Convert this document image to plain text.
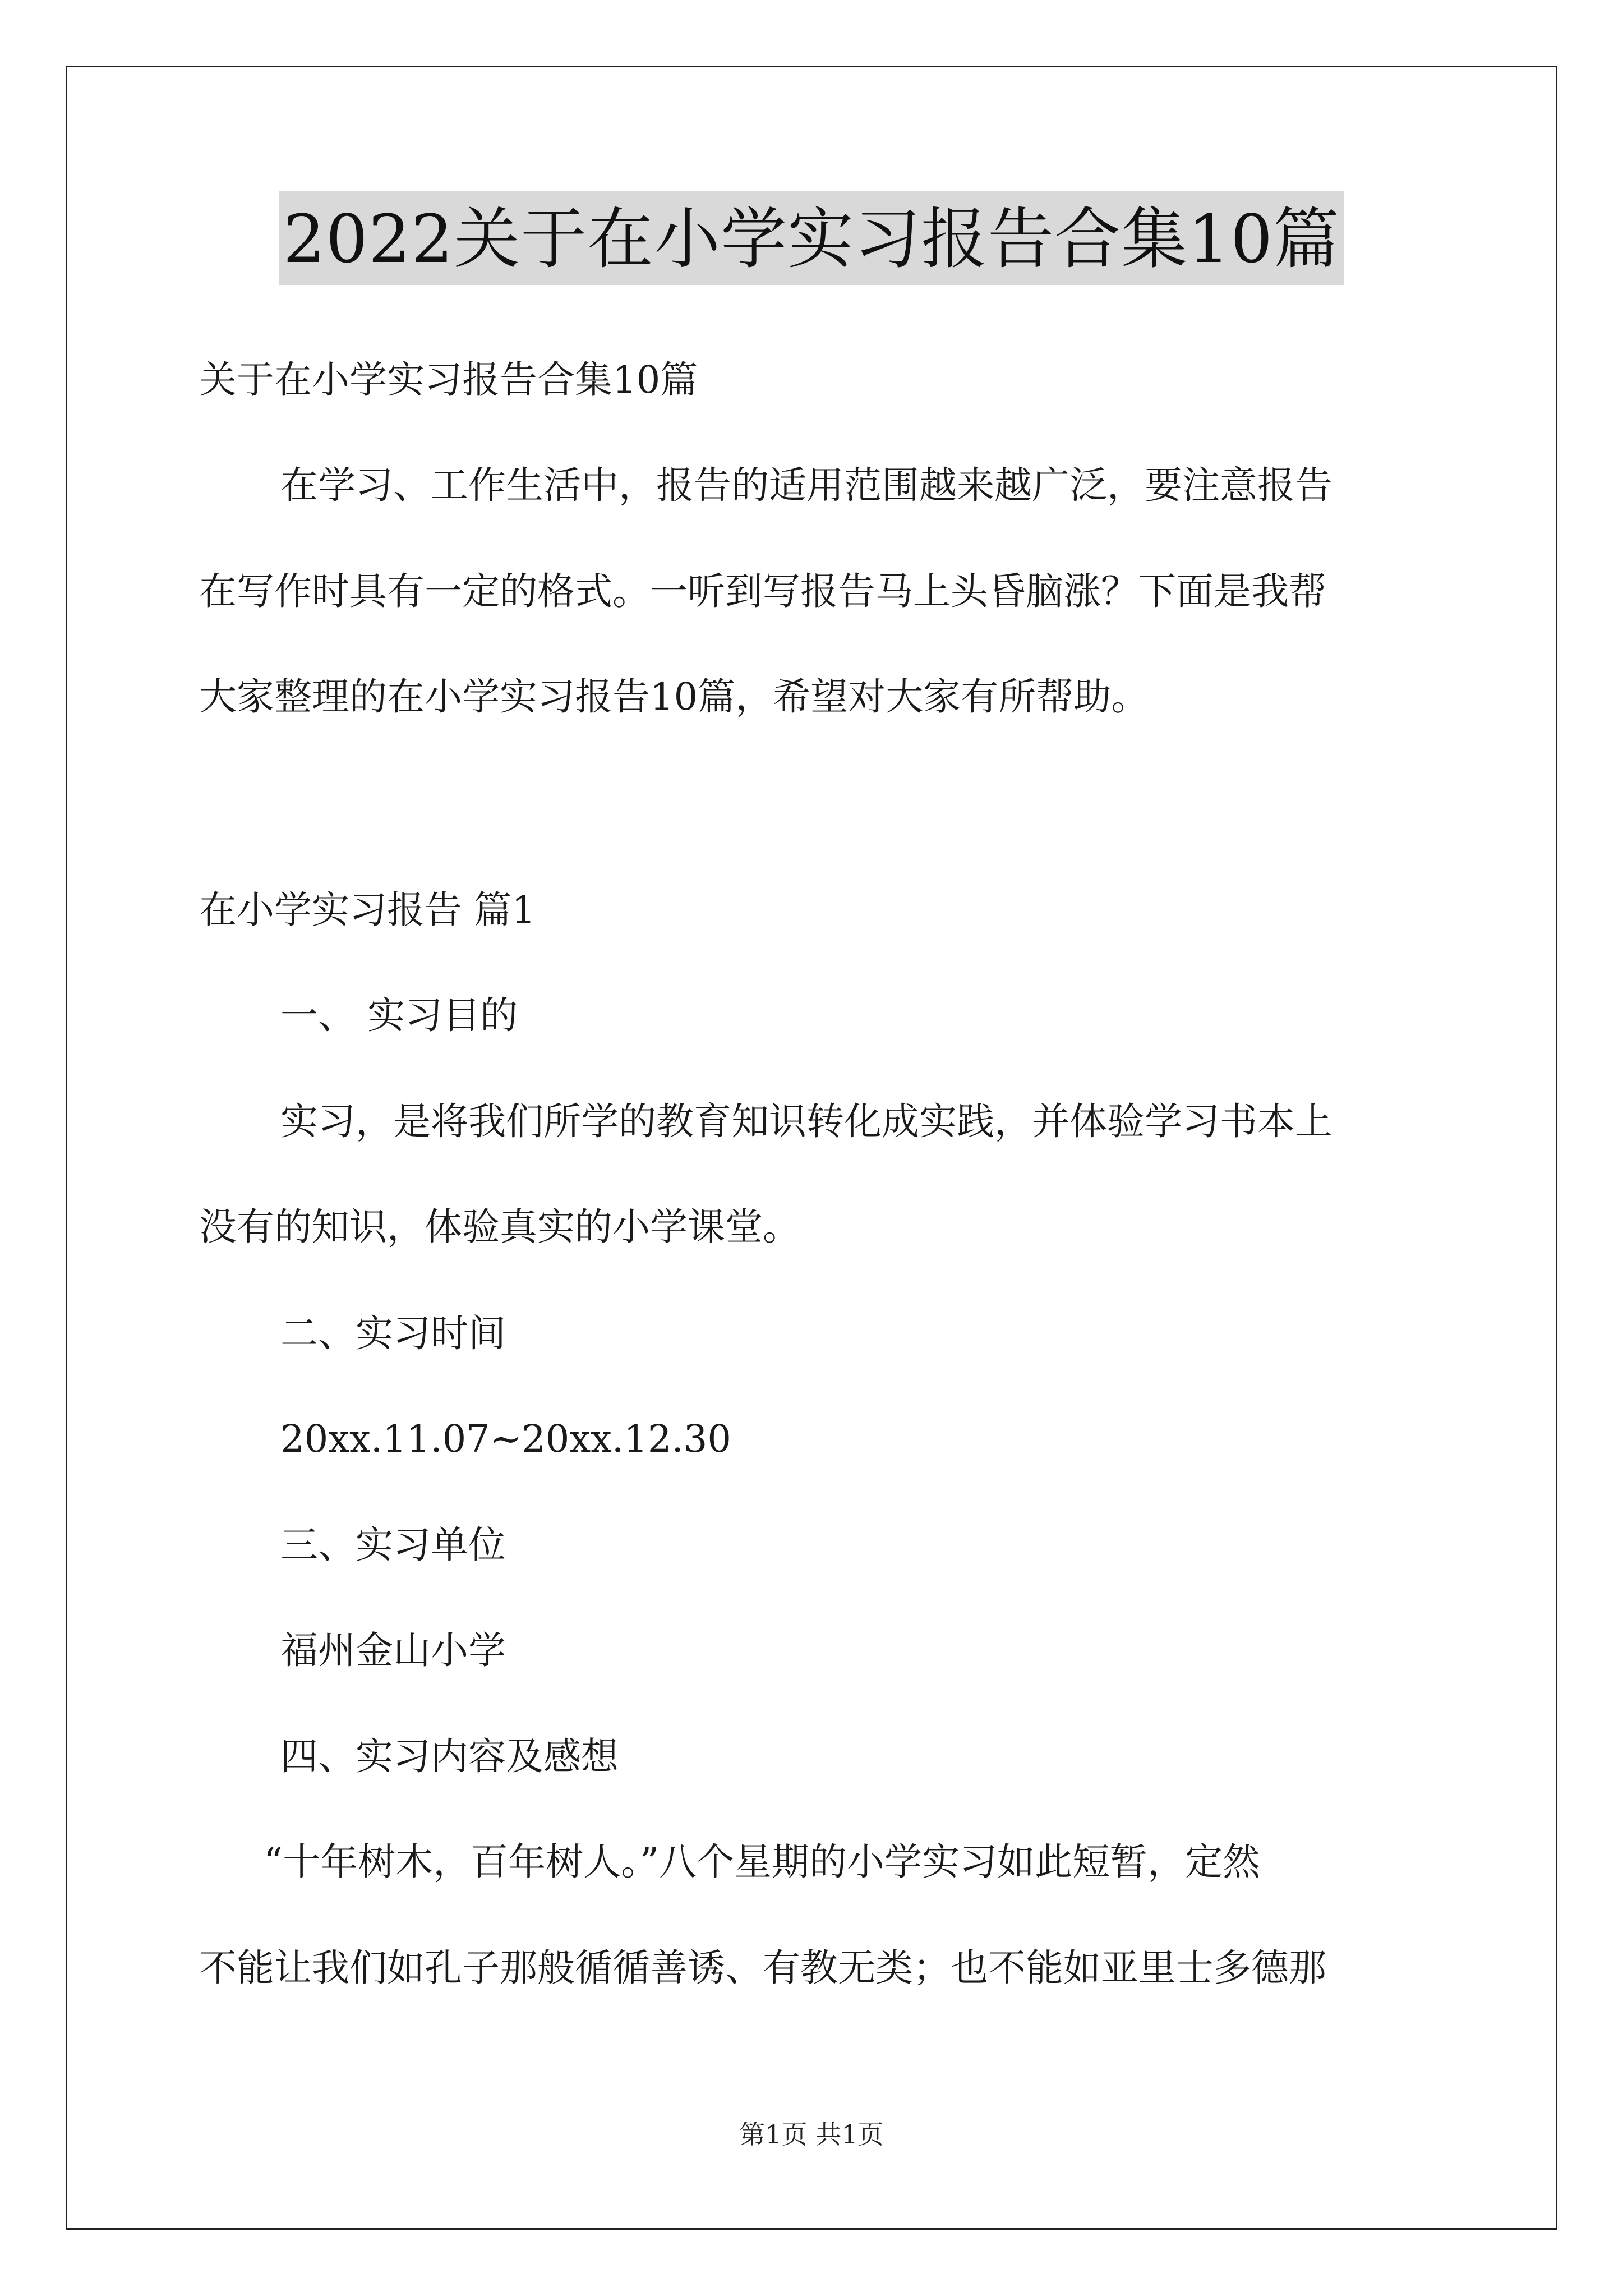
2022关于在小学实习报告合集10篇
关于在小学实习报告合集10篇
在学习、工作生活中，报告的适用范围越来越广泛，要注意报告
在写作时具有一定的格式。一听到写报告马上头昏脑涨？下面是我帮
大家整理的在小学实习报告10篇，希望对大家有所帮助。
在小学实习报告 篇1
一、 实习目的
实习，是将我们所学的教育知识转化成实践，并体验学习书本上
没有的知识，体验真实的小学课堂。
二、实习时间
20xx.11.07~20xx.12.30
三、实习单位
福州金山小学
四、实习内容及感想
“十年树木，百年树人。”八个星期的小学实习如此短暂，定然
不能让我们如孔子那般循循善诱、有教无类；也不能如亚里士多德那
第1页 共1页
